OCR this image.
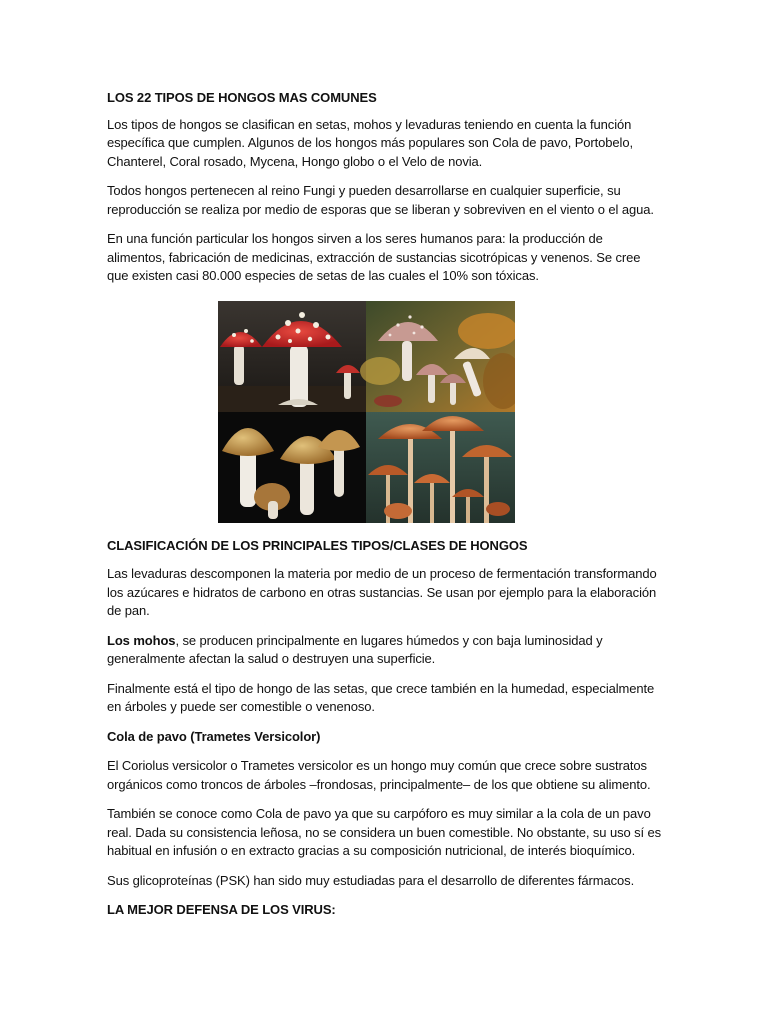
LOS 22 TIPOS DE HONGOS MAS COMUNES

Los tipos de hongos se clasifican en setas, mohos y levaduras teniendo en cuenta la función específica que cumplen. Algunos de los hongos más populares son Cola de pavo, Portobelo, Chanterel, Coral rosado, Mycena, Hongo globo o el Velo de novia.

Todos hongos pertenecen al reino Fungi y pueden desarrollarse en cualquier superficie, su reproducción se realiza por medio de esporas que se liberan y sobreviven en el viento o el agua.

En una función particular los hongos sirven a los seres humanos para: la producción de alimentos, fabricación de medicinas, extracción de sustancias sicotrópicas y venenos. Se cree que existen casi 80.000 especies de setas de las cuales el 10% son tóxicas.

CLASIFICACIÓN DE LOS PRINCIPALES TIPOS/CLASES DE HONGOS

Las levaduras descomponen la materia por medio de un proceso de fermentación transformando los azúcares e hidratos de carbono en otras sustancias. Se usan por ejemplo para la elaboración de pan.

Los mohos, se producen principalmente en lugares húmedos y con baja luminosidad y generalmente afectan la salud o destruyen una superficie.

Finalmente está el tipo de hongo de las setas, que crece también en la humedad, especialmente en árboles y puede ser comestible o venenoso.

Cola de pavo (Trametes Versicolor)

El Coriolus versicolor o Trametes versicolor es un hongo muy común que crece sobre sustratos orgánicos como troncos de árboles –frondosas, principalmente– de los que obtiene su alimento.

También se conoce como Cola de pavo ya que su carpóforo es muy similar a la cola de un pavo real. Dada su consistencia leñosa, no se considera un buen comestible. No obstante, su uso sí es habitual en infusión o en extracto gracias a su composición nutricional, de interés bioquímico.

Sus glicoproteínas (PSK) han sido muy estudiadas para el desarrollo de diferentes fármacos.

LA MEJOR DEFENSA DE LOS VIRUS:
